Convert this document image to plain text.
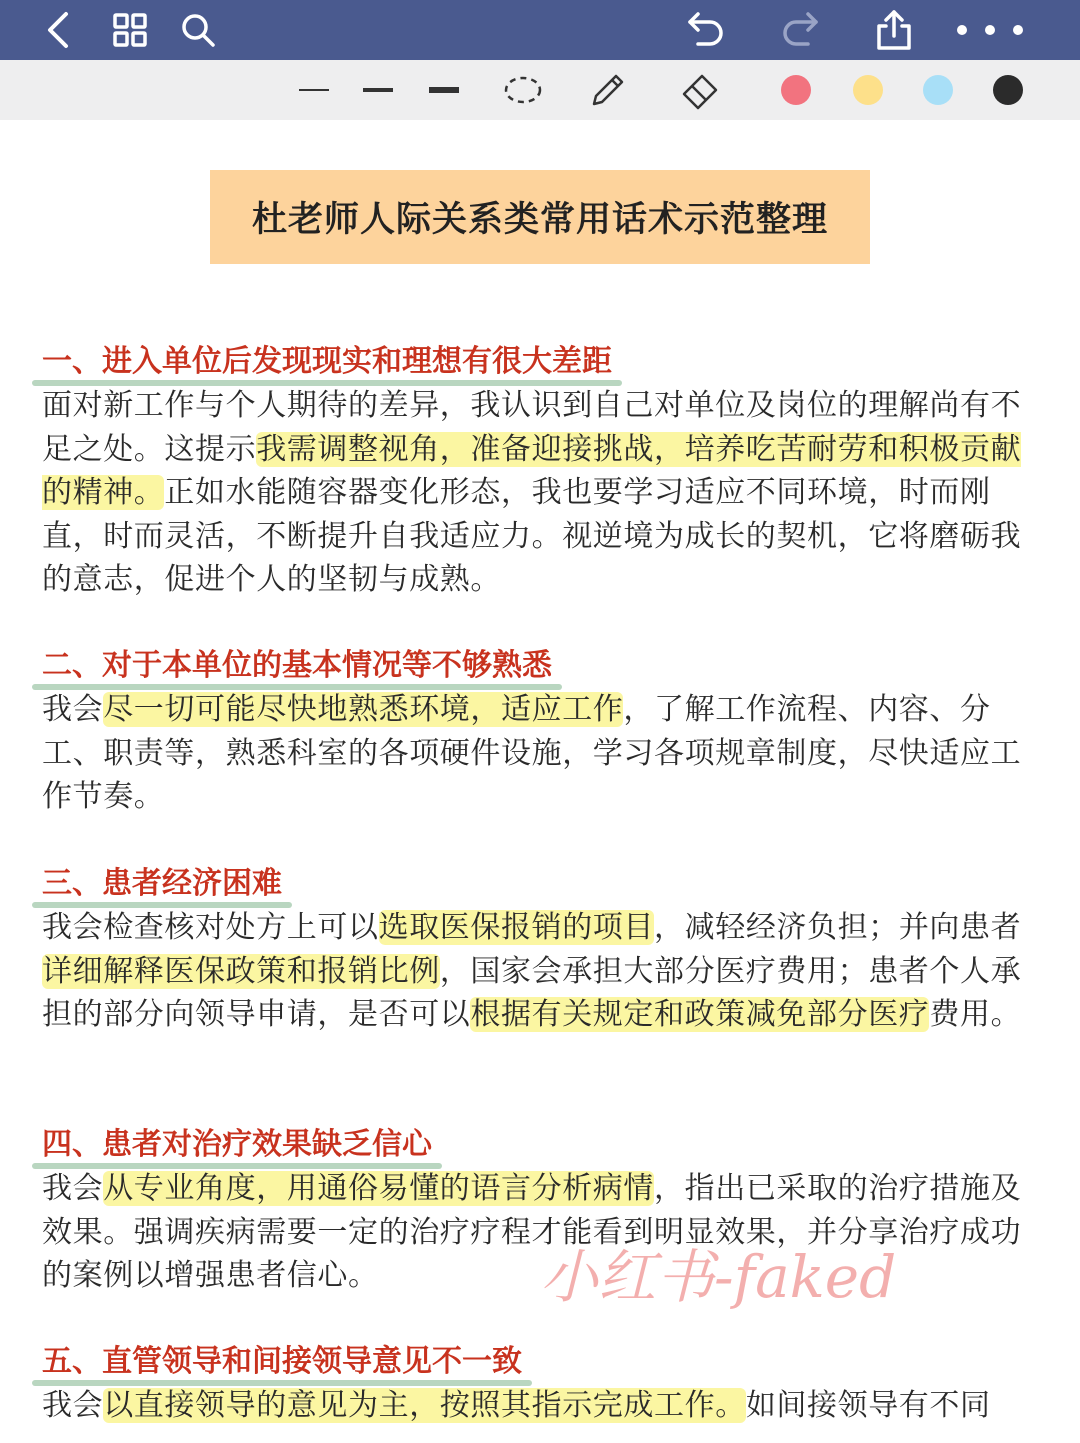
杜老师人际关系类常用话术示范整理
一、进入单位后发现现实和理想有很大差距
面对新工作与个人期待的差异，我认识到自己对单位及岗位的理解尚有不足之处。这提示我需调整视角，准备迎接挑战，培养吃苦耐劳和积极贡献的精神。正如水能随容器变化形态，我也要学习适应不同环境，时而刚直，时而灵活，不断提升自我适应力。视逆境为成长的契机，它将磨砺我的意志，促进个人的坚韧与成熟。
二、对于本单位的基本情况等不够熟悉
我会尽一切可能尽快地熟悉环境，适应工作，了解工作流程、内容、分工、职责等，熟悉科室的各项硬件设施，学习各项规章制度，尽快适应工作节奏。
三、患者经济困难
我会检查核对处方上可以选取医保报销的项目，减轻经济负担；并向患者详细解释医保政策和报销比例，国家会承担大部分医疗费用；患者个人承担的部分向领导申请，是否可以根据有关规定和政策减免部分医疗费用。
四、患者对治疗效果缺乏信心
我会从专业角度，用通俗易懂的语言分析病情，指出已采取的治疗措施及效果。强调疾病需要一定的治疗疗程才能看到明显效果，并分享治疗成功的案例以增强患者信心。
五、直管领导和间接领导意见不一致
我会以直接领导的意见为主，按照其指示完成工作。如间接领导有不同
小红书-faked
